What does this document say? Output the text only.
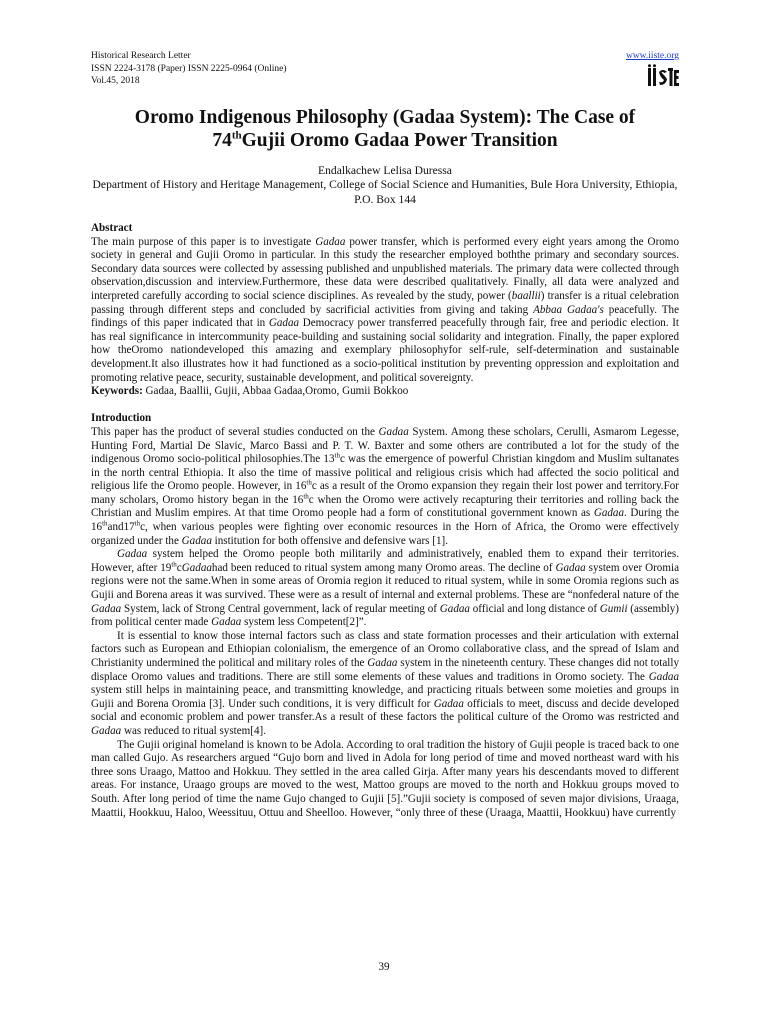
Historical Research Letter
ISSN 2224-3178 (Paper) ISSN 2225-0964 (Online)
Vol.45, 2018
www.iiste.org
Oromo Indigenous Philosophy (Gadaa System): The Case of
74thGujii Oromo Gadaa Power Transition
Endalkachew Lelisa Duressa
Department of History and Heritage Management, College of Social Science and Humanities, Bule Hora University, Ethiopia, P.O. Box 144
Abstract

The main purpose of this paper is to investigate Gadaa power transfer, which is performed every eight years among the Oromo society in general and Gujii Oromo in particular. In this study the researcher employed boththe primary and secondary sources. Secondary data sources were collected by assessing published and unpublished materials. The primary data were collected through observation,discussion and interview.Furthermore, these data were described qualitatively. Finally, all data were analyzed and interpreted carefully according to social science disciplines. As revealed by the study, power (baallii) transfer is a ritual celebration passing through different steps and concluded by sacrificial activities from giving and taking Abbaa Gadaa's peacefully. The findings of this paper indicated that in Gadaa Democracy power transferred peacefully through fair, free and periodic election. It has real significance in intercommunity peace-building and sustaining social solidarity and integration. Finally, the paper explored how theOromo nationdeveloped this amazing and exemplary philosophyfor self-rule, self-determination and sustainable development.It also illustrates how it had functioned as a socio-political institution by preventing oppression and exploitation and promoting relative peace, security, sustainable development, and political sovereignty.

Keywords: Gadaa, Baallii, Gujii, Abbaa Gadaa,Oromo, Gumii Bokkoo

Introduction

This paper has the product of several studies conducted on the Gadaa System. Among these scholars, Cerulli, Asmarom Legesse, Hunting Ford, Martial De Slavic, Marco Bassi and P. T. W. Baxter and some others are contributed a lot for the study of the indigenous Oromo socio-political philosophies.The 13thc was the emergence of powerful Christian kingdom and Muslim sultanates in the north central Ethiopia. It also the time of massive political and religious crisis which had affected the socio political and religious life the Oromo people. However, in 16thc as a result of the Oromo expansion they regain their lost power and territory.For many scholars, Oromo history began in the 16thc when the Oromo were actively recapturing their territories and rolling back the Christian and Muslim empires. At that time Oromo people had a form of constitutional government known as Gadaa. During the 16thand17thc, when various peoples were fighting over economic resources in the Horn of Africa, the Oromo were effectively organized under the Gadaa institution for both offensive and defensive wars [1].

Gadaa system helped the Oromo people both militarily and administratively, enabled them to expand their territories. However, after 19thcGadaahad been reduced to ritual system among many Oromo areas. The decline of Gadaa system over Oromia regions were not the same.When in some areas of Oromia region it reduced to ritual system, while in some Oromia regions such as Gujii and Borena areas it was survived. These were as a result of internal and external problems. These are “nonfederal nature of the Gadaa System, lack of Strong Central government, lack of regular meeting of Gadaa official and long distance of Gumii (assembly) from political center made Gadaa system less Competent[2]”.

It is essential to know those internal factors such as class and state formation processes and their articulation with external factors such as European and Ethiopian colonialism, the emergence of an Oromo collaborative class, and the spread of Islam and Christianity undermined the political and military roles of the Gadaa system in the nineteenth century. These changes did not totally displace Oromo values and traditions. There are still some elements of these values and traditions in Oromo society. The Gadaa system still helps in maintaining peace, and transmitting knowledge, and practicing rituals between some moieties and groups in Gujii and Borena Oromia [3]. Under such conditions, it is very difficult for Gadaa officials to meet, discuss and decide developed social and economic problem and power transfer.As a result of these factors the political culture of the Oromo was restricted and Gadaa was reduced to ritual system[4].

The Gujii original homeland is known to be Adola. According to oral tradition the history of Gujii people is traced back to one man called Gujo. As researchers argued “Gujo born and lived in Adola for long period of time and moved northeast ward with his three sons Uraago, Mattoo and Hokkuu. They settled in the area called Girja. After many years his descendants moved to different areas. For instance, Uraago groups are moved to the west, Mattoo groups are moved to the north and Hokkuu groups moved to South. After long period of time the name Gujo changed to Gujii [5].”Gujii society is composed of seven major divisions, Uraaga, Maattii, Hookkuu, Haloo, Weessituu, Ottuu and Sheelloo. However, “only three of these (Uraaga, Maattii, Hookkuu) have currently

39
